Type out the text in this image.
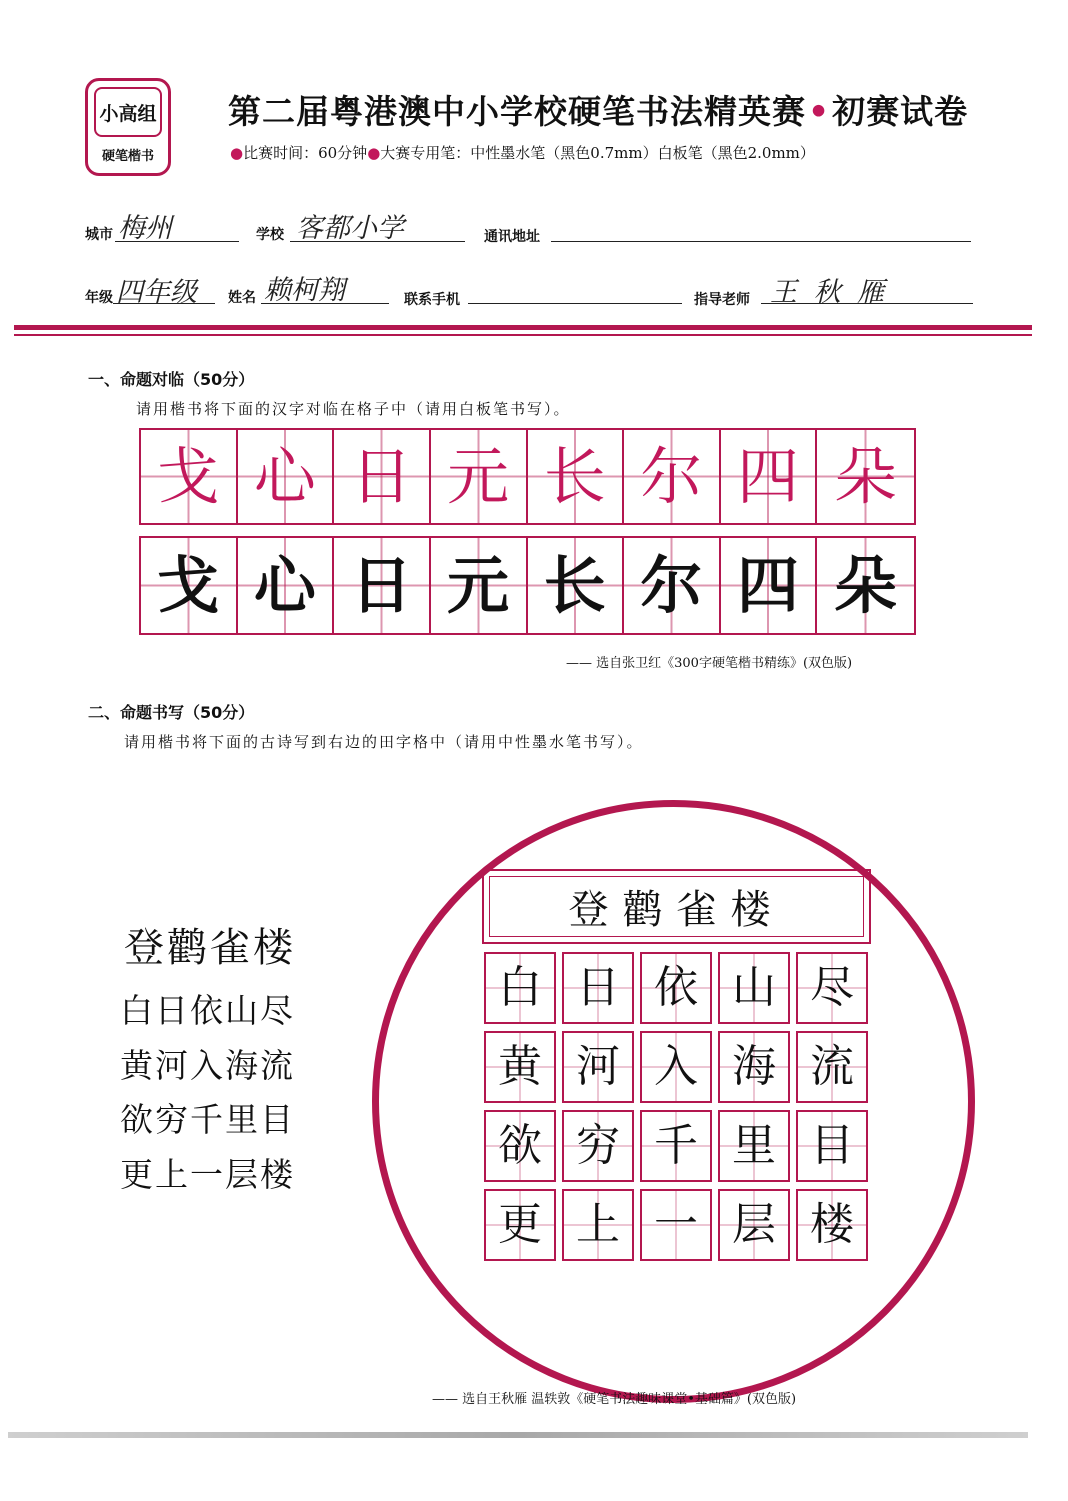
小高组
硬笔楷书
第二届粤港澳中小学校硬笔书法精英赛•初赛试卷
●比赛时间：60分钟●大赛专用笔：中性墨水笔（黑色0.7mm）白板笔（黑色2.0mm）
城市 梅州	学校 客都小学	通讯地址
年级 四年级 姓名 赖柯翔	联系手机	指导老师 王 秋 雁
一、命题对临（50分）
请用楷书将下面的汉字对临在格子中（请用白板笔书写）。
戈 心 日 元 长 尔 四 朵
戈 心 日 元 长 尔 四 朵
—— 选自张卫红《300字硬笔楷书精练》(双色版)
二、命题书写（50分）
请用楷书将下面的古诗写到右边的田字格中（请用中性墨水笔书写）。
登鹳雀楼
白日依山尽
黄河入海流
欲穷千里目
更上一层楼
登鹳雀楼
白 日 依 山 尽
黄 河 入 海 流
欲 穷 千 里 目
更 上 一 层 楼
—— 选自王秋雁 温轶敦《硬笔书法趣味课堂•基础篇》(双色版)
